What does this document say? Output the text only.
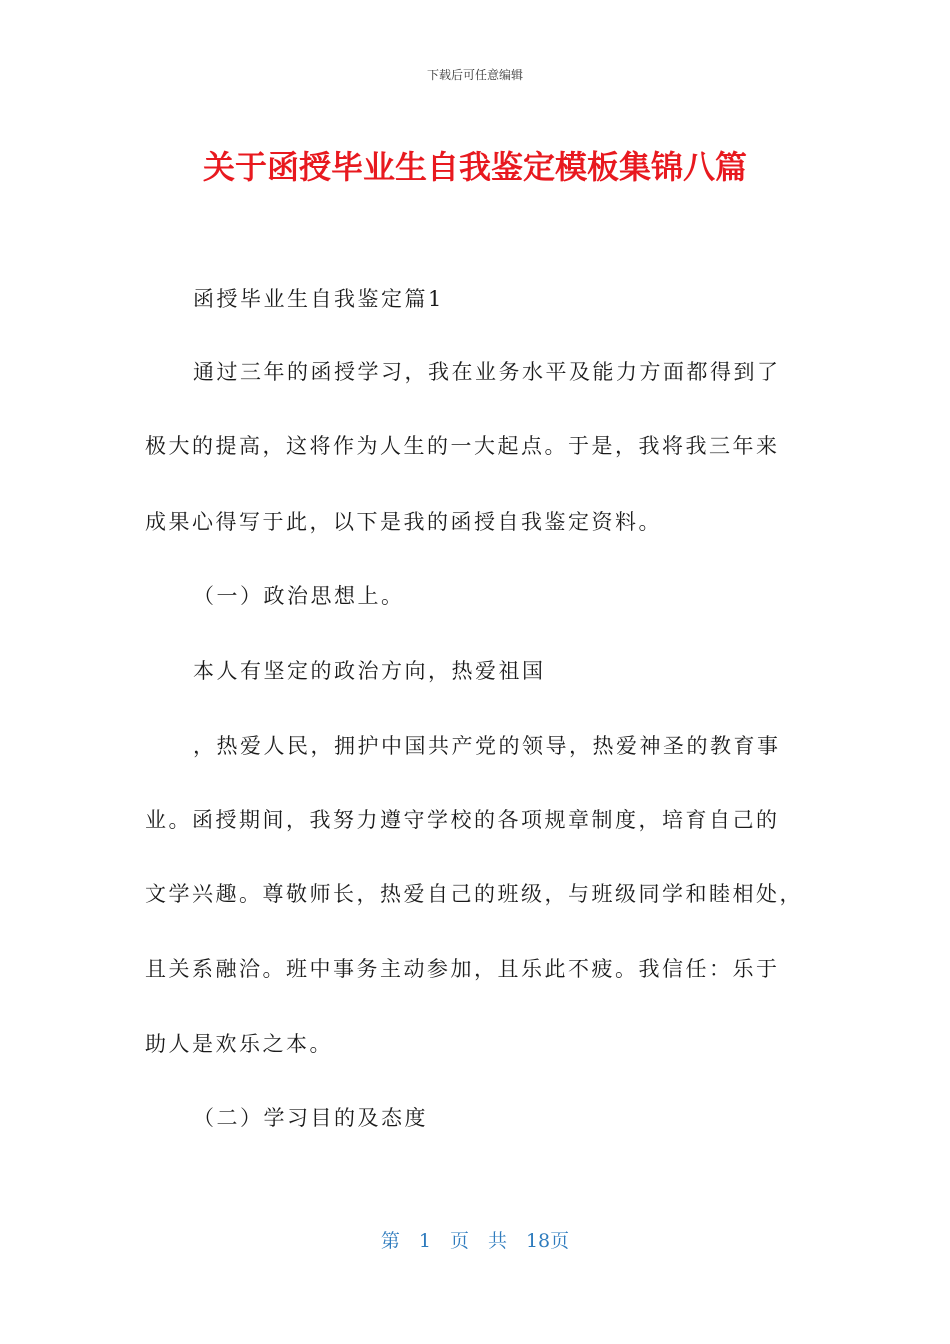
下载后可任意编辑
关于函授毕业生自我鉴定模板集锦八篇
函授毕业生自我鉴定篇1
通过三年的函授学习，我在业务水平及能力方面都得到了
极大的提高，这将作为人生的一大起点。于是，我将我三年来
成果心得写于此，以下是我的函授自我鉴定资料。
（一）政治思想上。
本人有坚定的政治方向，热爱祖国
，热爱人民，拥护中国共产党的领导，热爱神圣的教育事
业。函授期间，我努力遵守学校的各项规章制度，培育自己的
文学兴趣。尊敬师长，热爱自己的班级，与班级同学和睦相处，
且关系融洽。班中事务主动参加，且乐此不疲。我信任：乐于
助人是欢乐之本。
（二）学习目的及态度
第　1　页　共　18页
